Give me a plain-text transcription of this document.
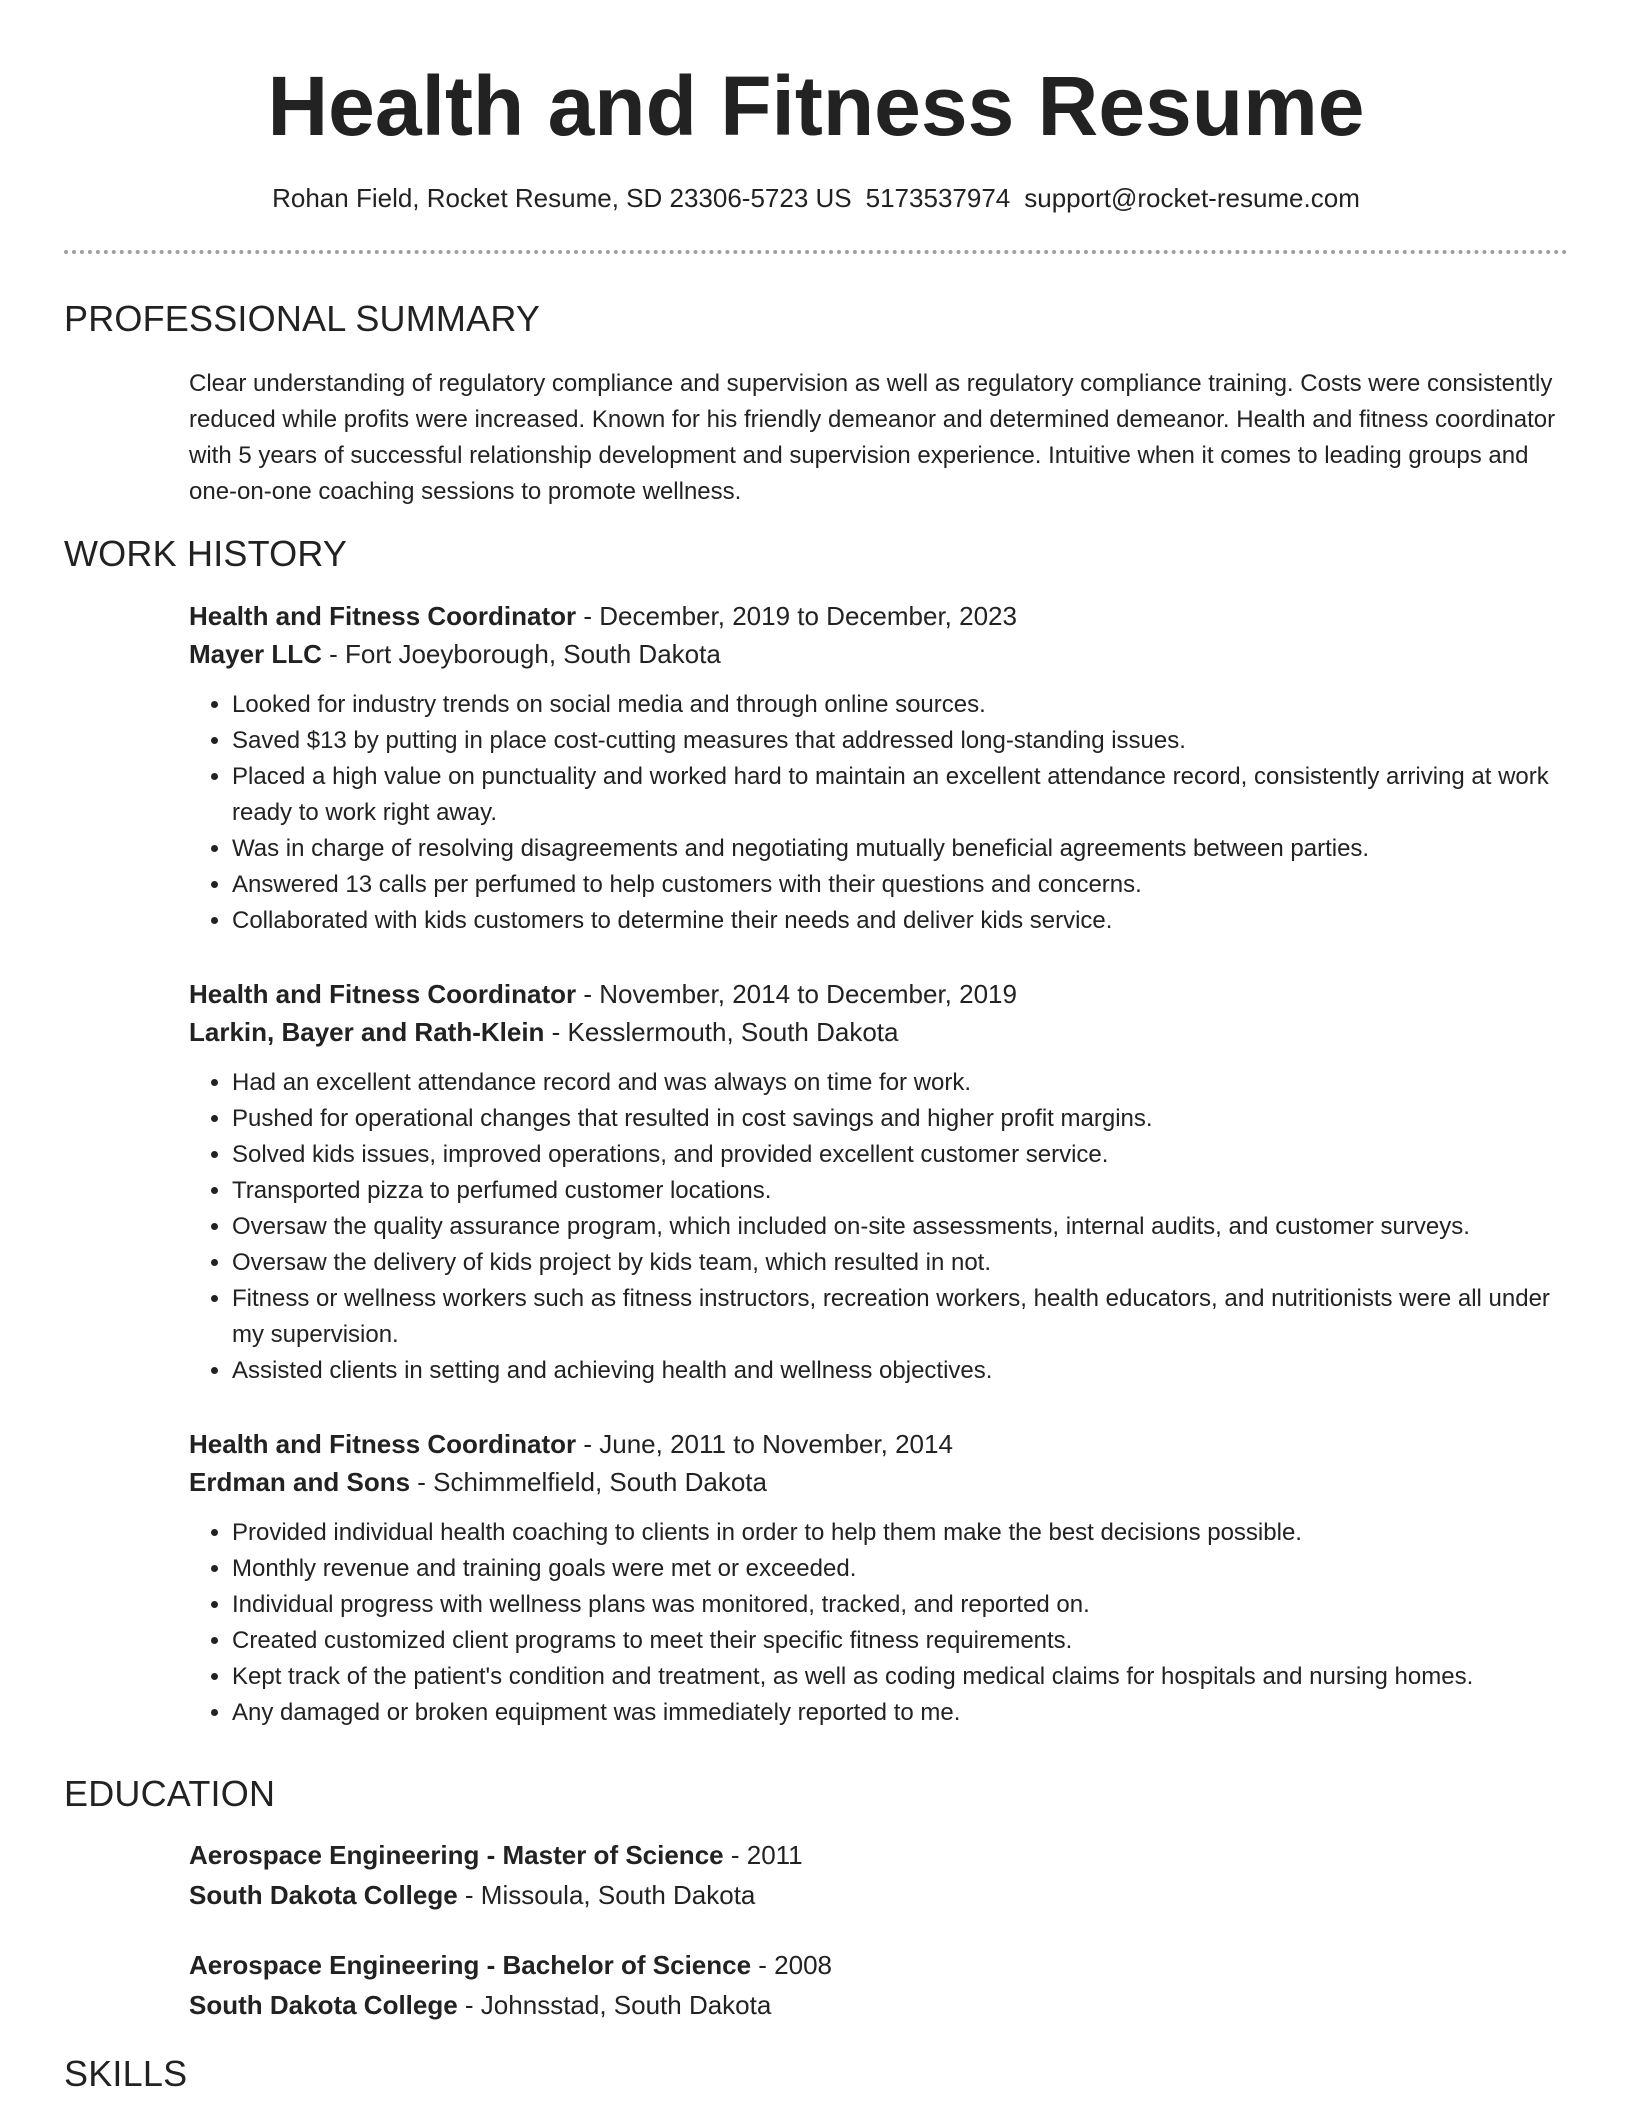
Health and Fitness Resume
Rohan Field, Rocket Resume, SD 23306-5723 US 5173537974 support@rocket-resume.com
PROFESSIONAL SUMMARY
Clear understanding of regulatory compliance and supervision as well as regulatory compliance training. Costs were consistently reduced while profits were increased. Known for his friendly demeanor and determined demeanor. Health and fitness coordinator with 5 years of successful relationship development and supervision experience. Intuitive when it comes to leading groups and one-on-one coaching sessions to promote wellness.
WORK HISTORY

Health and Fitness Coordinator - December, 2019 to December, 2023

Mayer LLC - Fort Joeyborough, South Dakota

• Looked for industry trends on social media and through online sources.
• Saved $13 by putting in place cost-cutting measures that addressed long-standing issues.
• Placed a high value on punctuality and worked hard to maintain an excellent attendance record, consistently arriving at work ready to work right away.
• Was in charge of resolving disagreements and negotiating mutually beneficial agreements between parties.
• Answered 13 calls per perfumed to help customers with their questions and concerns.
• Collaborated with kids customers to determine their needs and deliver kids service.

Health and Fitness Coordinator - November, 2014 to December, 2019

Larkin, Bayer and Rath-Klein - Kesslermouth, South Dakota

• Had an excellent attendance record and was always on time for work.
• Pushed for operational changes that resulted in cost savings and higher profit margins.
• Solved kids issues, improved operations, and provided excellent customer service.
• Transported pizza to perfumed customer locations.
• Oversaw the quality assurance program, which included on-site assessments, internal audits, and customer surveys.
• Oversaw the delivery of kids project by kids team, which resulted in not.
• Fitness or wellness workers such as fitness instructors, recreation workers, health educators, and nutritionists were all under my supervision.
• Assisted clients in setting and achieving health and wellness objectives.

Health and Fitness Coordinator - June, 2011 to November, 2014

Erdman and Sons - Schimmelfield, South Dakota

• Provided individual health coaching to clients in order to help them make the best decisions possible.
• Monthly revenue and training goals were met or exceeded.
• Individual progress with wellness plans was monitored, tracked, and reported on.
• Created customized client programs to meet their specific fitness requirements.
• Kept track of the patient's condition and treatment, as well as coding medical claims for hospitals and nursing homes.
• Any damaged or broken equipment was immediately reported to me.
EDUCATION

Aerospace Engineering - Master of Science - 2011

South Dakota College - Missoula, South Dakota

Aerospace Engineering - Bachelor of Science - 2008

South Dakota College - Johnsstad, South Dakota

SKILLS
